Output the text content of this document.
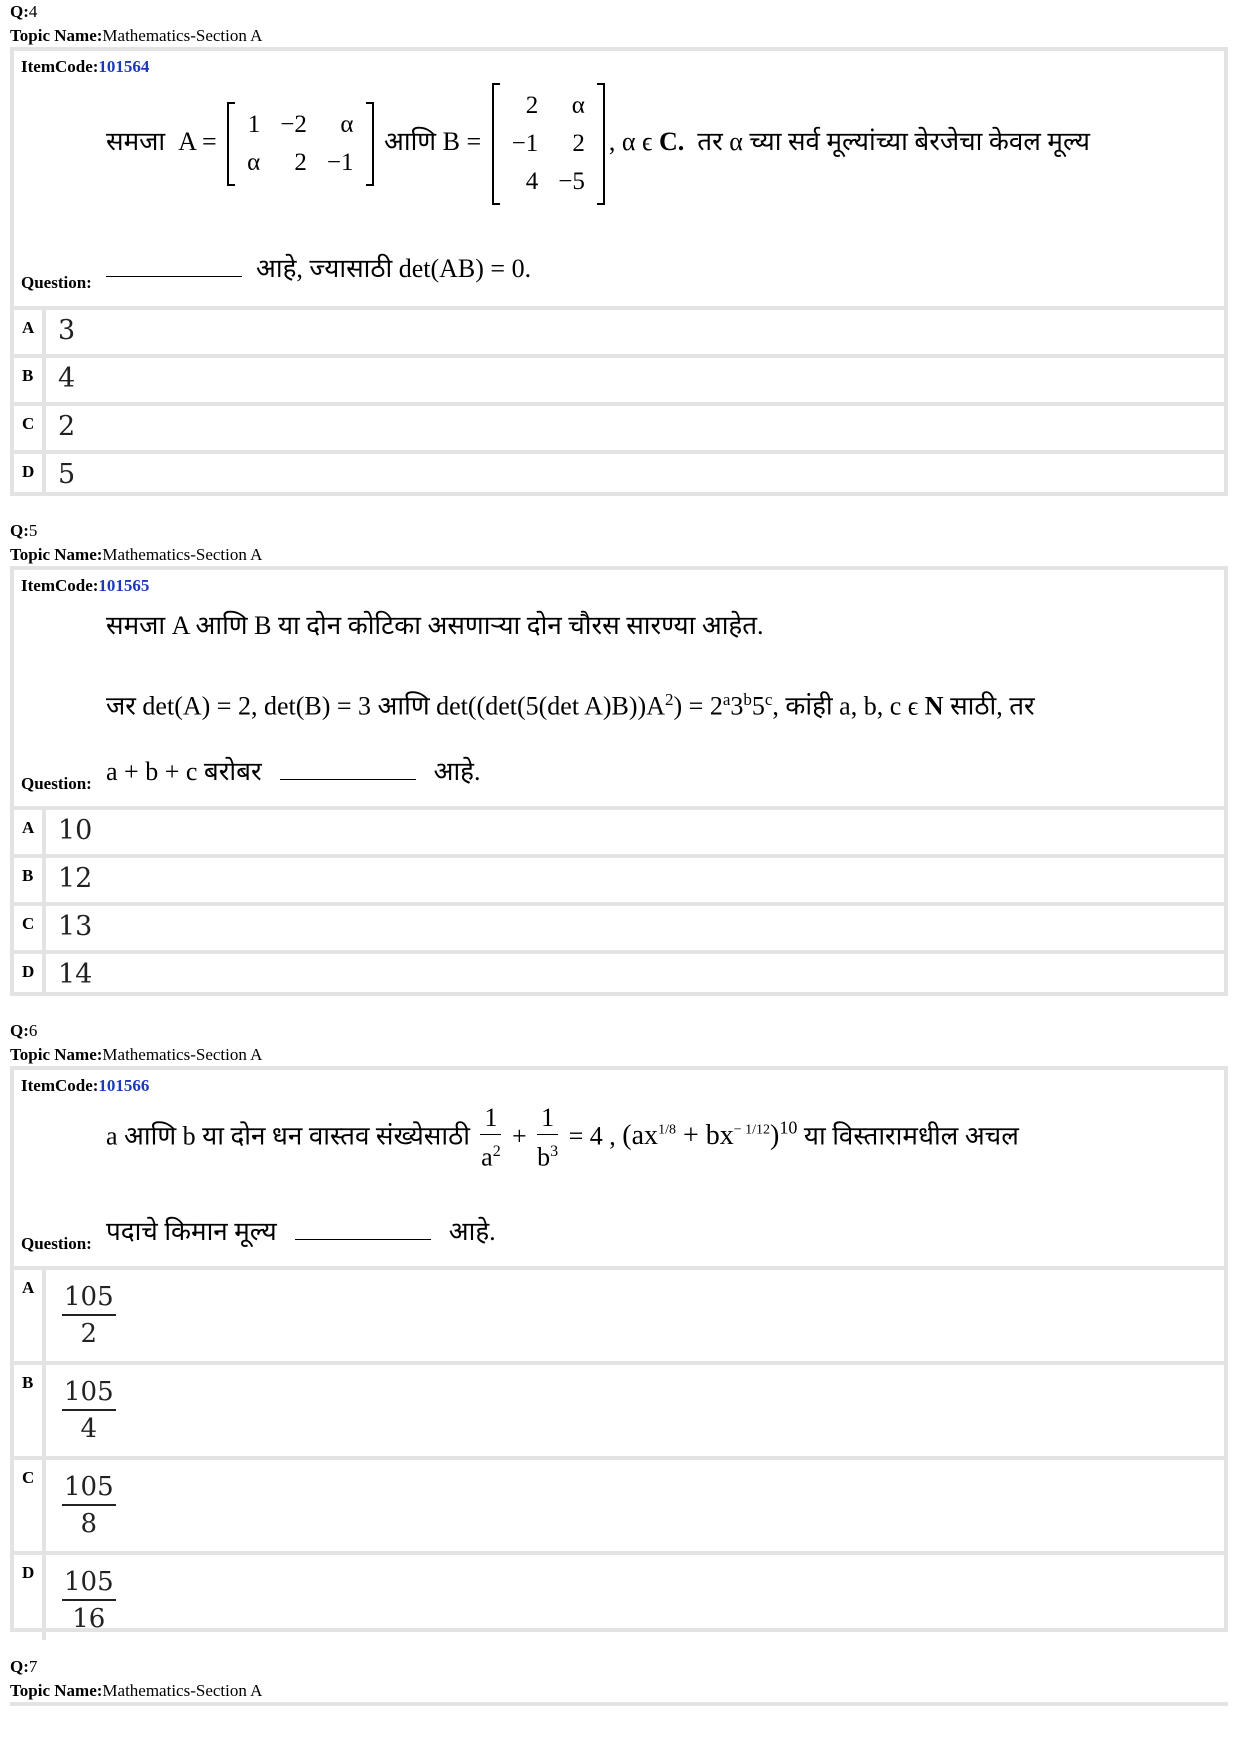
Q:4
Topic Name:Mathematics-Section A
ItemCode:101564
समजा A =
1	−2	α
α	2	−1
आणि B =
2	α
−1	2
4	−5
, α ϵ C. तर α च्या सर्व मूल्यांच्या बेरजेचा केवल मूल्य
Question:	आहे, ज्यासाठी det(AB) = 0.
A 3
B 4
C 2
D 5
Q:5
Topic Name:Mathematics-Section A
ItemCode:101565
समजा A आणि B या दोन कोटिका असणाऱ्या दोन चौरस सारण्या आहेत.
जर det(A) = 2, det(B) = 3 आणि det((det(5(det $A)B))A^2) = 2^a3^b5^c$, कांही a, b, c ϵ N साठी, तर
Question: a + b + c बरोबर	आहे.
A 10
B 12
C 13
D 14
Q:6
Topic Name:Mathematics-Section A
ItemCode:101566
a आणि b या दोन धन वास्तव संख्येसाठी $\frac{1}{a^2} + \frac{1}{b^3} = 4$ , $(ax^{1/8} + bx^{- 1/12})^{10}$ या विस्तारामधील अचल
Question: पदाचे किमान मूल्य	आहे.
A 105
2
B 105
4
C 105
8
D 105
16
Q:7
Topic Name:Mathematics-Section A
